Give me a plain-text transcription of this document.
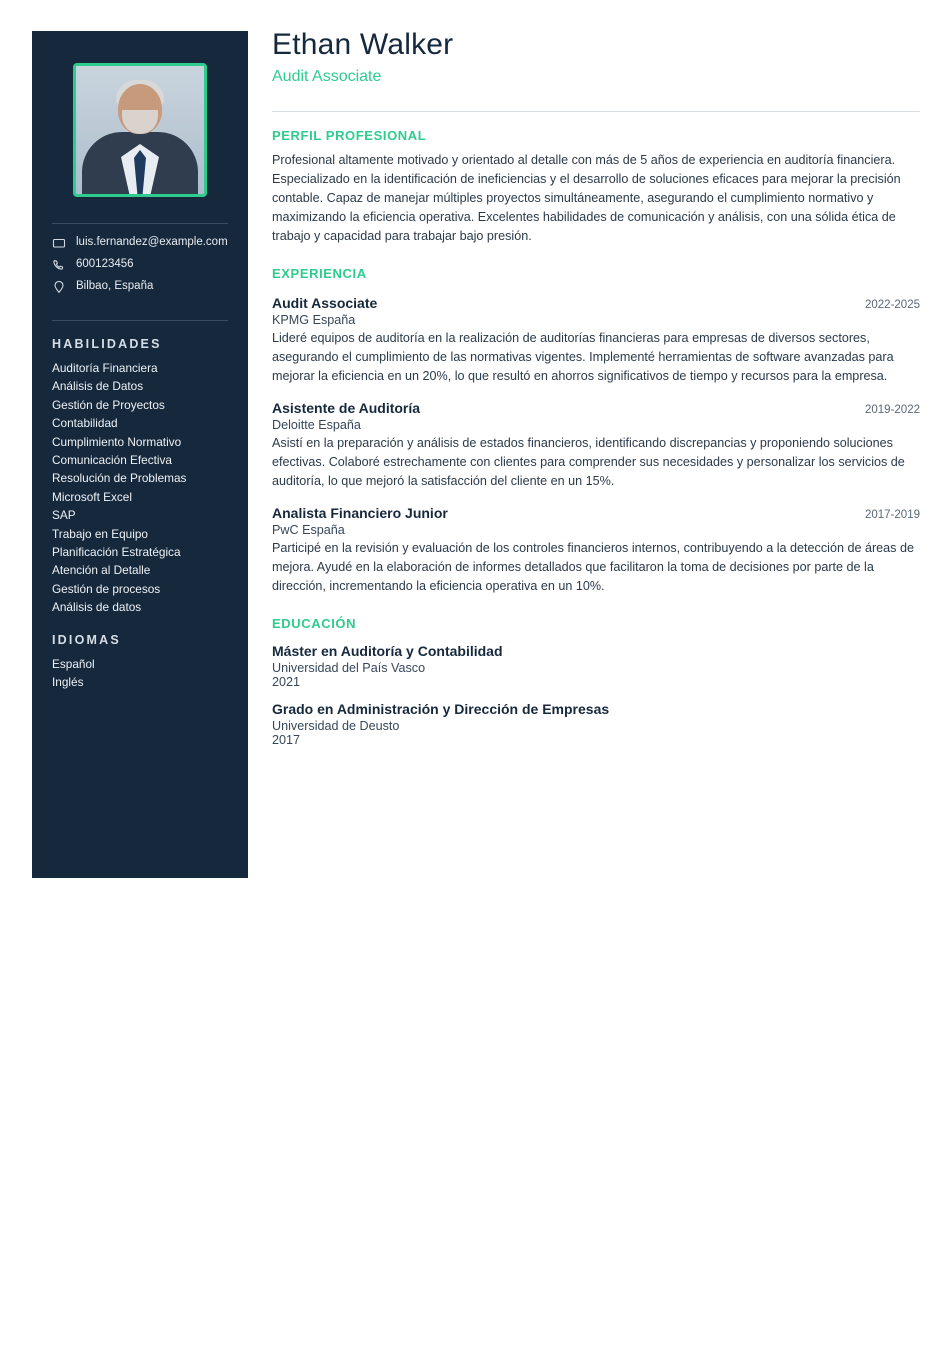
luis.fernandez@example.com
600123456
Bilbao, España
HABILIDADES
Auditoría Financiera
Análisis de Datos
Gestión de Proyectos
Contabilidad
Cumplimiento Normativo
Comunicación Efectiva
Resolución de Problemas
Microsoft Excel
SAP
Trabajo en Equipo
Planificación Estratégica
Atención al Detalle
Gestión de procesos
Análisis de datos
IDIOMAS
Español
Inglés
Ethan Walker

Audit Associate

PERFIL PROFESIONAL

Profesional altamente motivado y orientado al detalle con más de 5 años de experiencia en auditoría financiera. Especializado en la identificación de ineficiencias y el desarrollo de soluciones eficaces para mejorar la precisión contable. Capaz de manejar múltiples proyectos simultáneamente, asegurando el cumplimiento normativo y maximizando la eficiencia operativa. Excelentes habilidades de comunicación y análisis, con una sólida ética de trabajo y capacidad para trabajar bajo presión.

EXPERIENCIA
Audit Associate	2022-2025
KPMG España

Lideré equipos de auditoría en la realización de auditorías financieras para empresas de diversos sectores, asegurando el cumplimiento de las normativas vigentes. Implementé herramientas de software avanzadas para mejorar la eficiencia en un 20%, lo que resultó en ahorros significativos de tiempo y recursos para la empresa.

Asistente de Auditoría	2019-2022
Deloitte España

Asistí en la preparación y análisis de estados financieros, identificando discrepancias y proponiendo soluciones efectivas. Colaboré estrechamente con clientes para comprender sus necesidades y personalizar los servicios de auditoría, lo que mejoró la satisfacción del cliente en un 15%.

Analista Financiero Junior	2017-2019
PwC España

Participé en la revisión y evaluación de los controles financieros internos, contribuyendo a la detección de áreas de mejora. Ayudé en la elaboración de informes detallados que facilitaron la toma de decisiones por parte de la dirección, incrementando la eficiencia operativa en un 10%.

EDUCACIÓN
Máster en Auditoría y Contabilidad
Universidad del País Vasco
2021
Grado en Administración y Dirección de Empresas
Universidad de Deusto
2017
